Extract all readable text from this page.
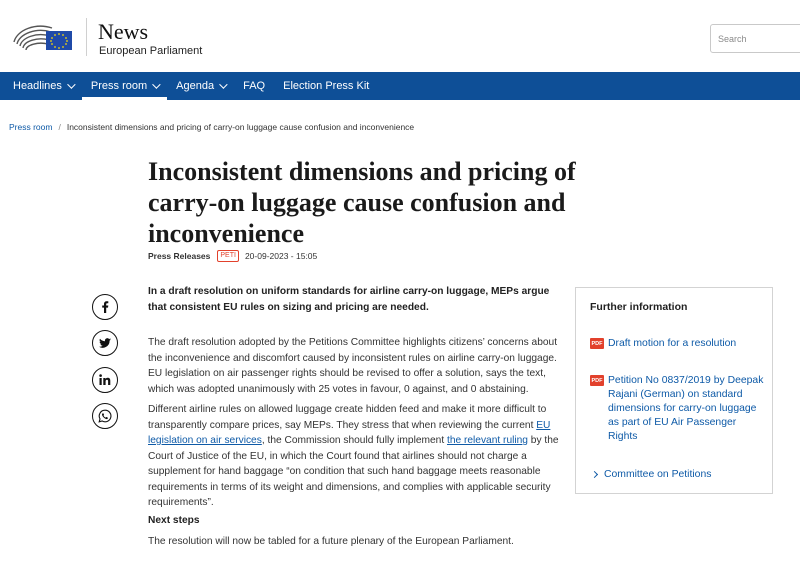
News
European Parliament
Search
Headlines	Press room	Agenda	FAQ Election Press Kit
Press room / Inconsistent dimensions and pricing of carry-on luggage cause confusion and inconvenience
Inconsistent dimensions and pricing of carry-on luggage cause confusion and inconvenience
Press Releases	PETI	20-09-2023 - 15:05

In a draft resolution on uniform standards for airline carry-on luggage, MEPs argue that consistent EU rules on sizing and pricing are needed.

The draft resolution adopted by the Petitions Committee highlights citizens’ concerns about the inconvenience and discomfort caused by inconsistent rules on airline carry-on luggage. EU legislation on air passenger rights should be revised to offer a solution, says the text, which was adopted unanimously with 25 votes in favour, 0 against, and 0 abstaining.

Different airline rules on allowed luggage create hidden feed and make it more difficult to transparently compare prices, say MEPs. They stress that when reviewing the current EU legislation on air services, the Commission should fully implement the relevant ruling by the Court of Justice of the EU, in which the Court found that airlines should not charge a supplement for hand baggage “on condition that such hand baggage meets reasonable requirements in terms of its weight and dimensions, and complies with applicable security requirements”.

Next steps

The resolution will now be tabled for a future plenary of the European Parliament.

Further information
PDF Draft motion for a resolution
PDF Petition No 0837/2019 by Deepak Rajani (German) on standard dimensions for carry-on luggage as part of EU Air Passenger Rights
Committee on Petitions
